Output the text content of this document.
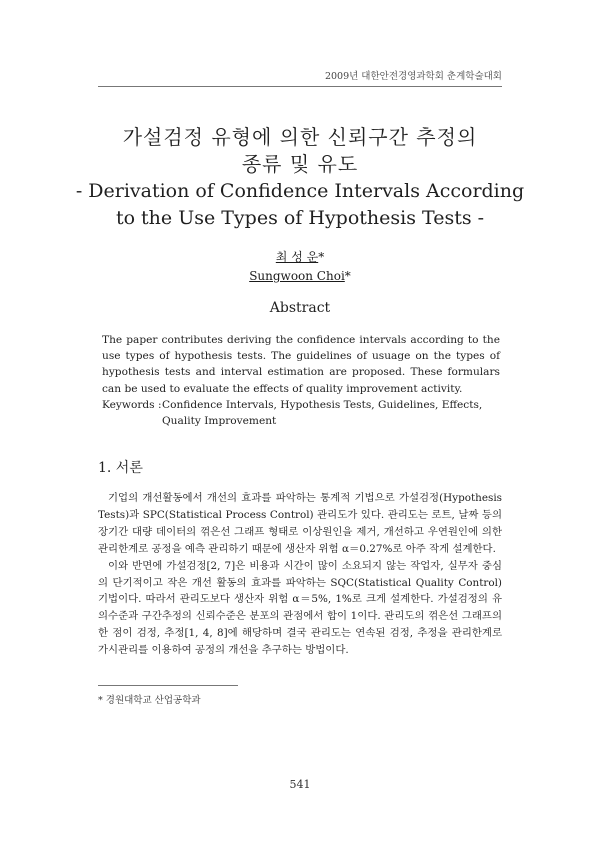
2009년 대한안전경영과학회 춘계학술대회
가설검정 유형에 의한 신뢰구간 추정의
종류 및 유도
- Derivation of Confidence Intervals According
to the Use Types of Hypothesis Tests -
최 성 운*
Sungwoon Choi*
Abstract
The paper contributes deriving the confidence intervals according to the use types of hypothesis tests. The guidelines of usuage on the types of hypothesis tests and interval estimation are proposed. These formulars can be used to evaluate the effects of quality improvement activity.
Keywords : Confidence Intervals, Hypothesis Tests, Guidelines, Effects, Quality Improvement
1. 서론

기업의 개선활동에서 개선의 효과를 파악하는 통계적 기법으로 가설검정(Hypothesis Tests)과 SPC(Statistical Process Control) 관리도가 있다. 관리도는 로트, 날짜 등의 장기간 대량 데이터의 꺾은선 그래프 형태로 이상원인을 제거, 개선하고 우연원인에 의한 관리한계로 공정을 예측 관리하기 때문에 생산자 위험 α＝0.27%로 아주 작게 설계한다.

이와 반면에 가설검정[2, 7]은 비용과 시간이 많이 소요되지 않는 작업자, 실무자 중심의 단기적이고 작은 개선 활동의 효과를 파악하는 SQC(Statistical Quality Control) 기법이다. 따라서 관리도보다 생산자 위험 α＝5%, 1%로 크게 설계한다. 가설검정의 유의수준과 구간추정의 신뢰수준은 분포의 관점에서 합이 1이다. 관리도의 꺾은선 그래프의 한 점이 검정, 추정[1, 4, 8]에 해당하며 결국 관리도는 연속된 검정, 추정을 관리한계로 가시관리를 이용하여 공정의 개선을 추구하는 방법이다.

* 경원대학교 산업공학과
541
